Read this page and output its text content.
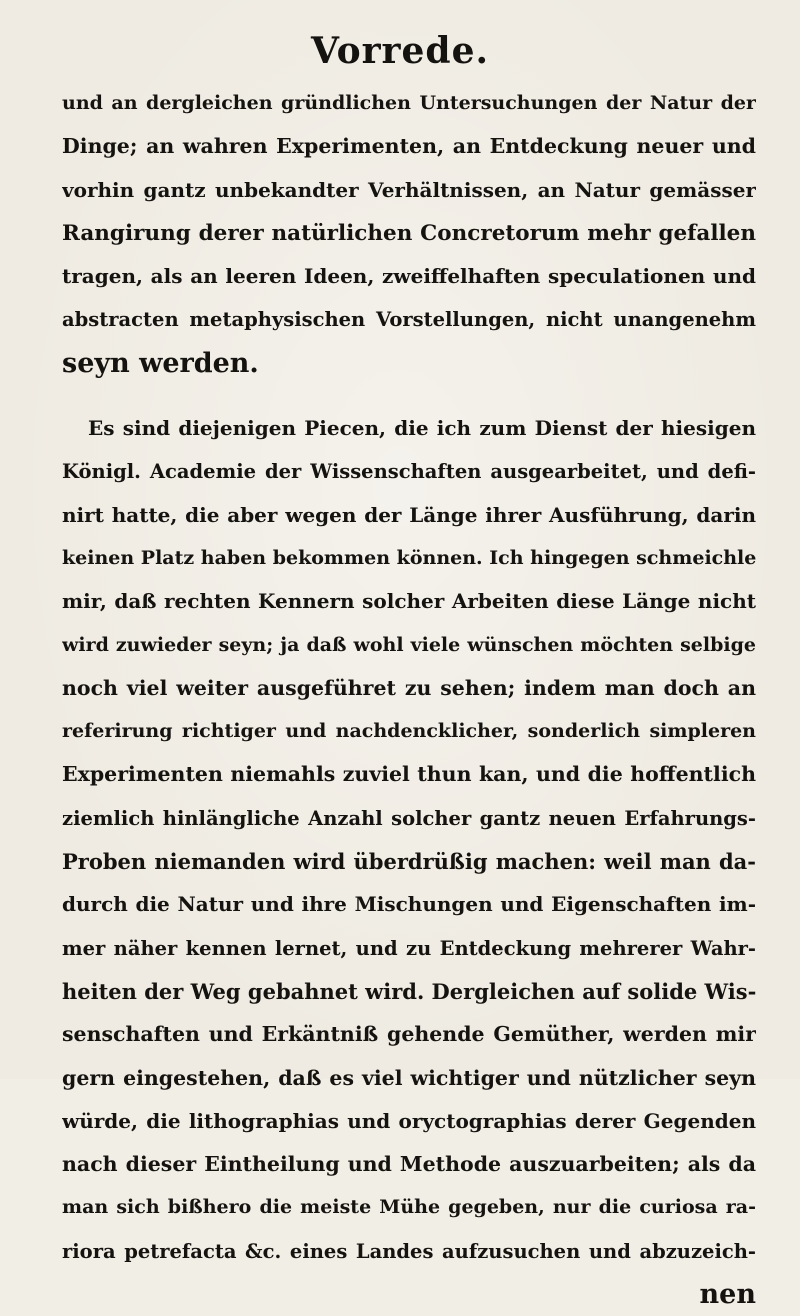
Vorrede.
und an dergleichen gründlichen Untersuchungen der Natur der
Dinge; an wahren Experimenten, an Entdeckung neuer und
vorhin gantz unbekandter Verhältnissen, an Natur gemässer
Rangirung derer natürlichen Concretorum mehr gefallen
tragen, als an leeren Ideen, zweiffelhaften speculationen und
abstracten metaphysischen Vorstellungen, nicht unangenehm
seyn werden.
Es sind diejenigen Piecen, die ich zum Dienst der hiesigen
Königl. Academie der Wissenschaften ausgearbeitet, und defi-
nirt hatte, die aber wegen der Länge ihrer Ausführung, darin
keinen Platz haben bekommen können. Ich hingegen schmeichle
mir, daß rechten Kennern solcher Arbeiten diese Länge nicht
wird zuwieder seyn; ja daß wohl viele wünschen möchten selbige
noch viel weiter ausgeführet zu sehen; indem man doch an
referirung richtiger und nachdencklicher, sonderlich simpleren
Experimenten niemahls zuviel thun kan, und die hoffentlich
ziemlich hinlängliche Anzahl solcher gantz neuen Erfahrungs-
Proben niemanden wird überdrüßig machen: weil man da-
durch die Natur und ihre Mischungen und Eigenschaften im-
mer näher kennen lernet, und zu Entdeckung mehrerer Wahr-
heiten der Weg gebahnet wird. Dergleichen auf solide Wis-
senschaften und Erkäntniß gehende Gemüther, werden mir
gern eingestehen, daß es viel wichtiger und nützlicher seyn
würde, die lithographias und oryctographias derer Gegenden
nach dieser Eintheilung und Methode auszuarbeiten; als da
man sich bißhero die meiste Mühe gegeben, nur die curiosa ra-
riora petrefacta &c. eines Landes aufzusuchen und abzuzeich-
nen
